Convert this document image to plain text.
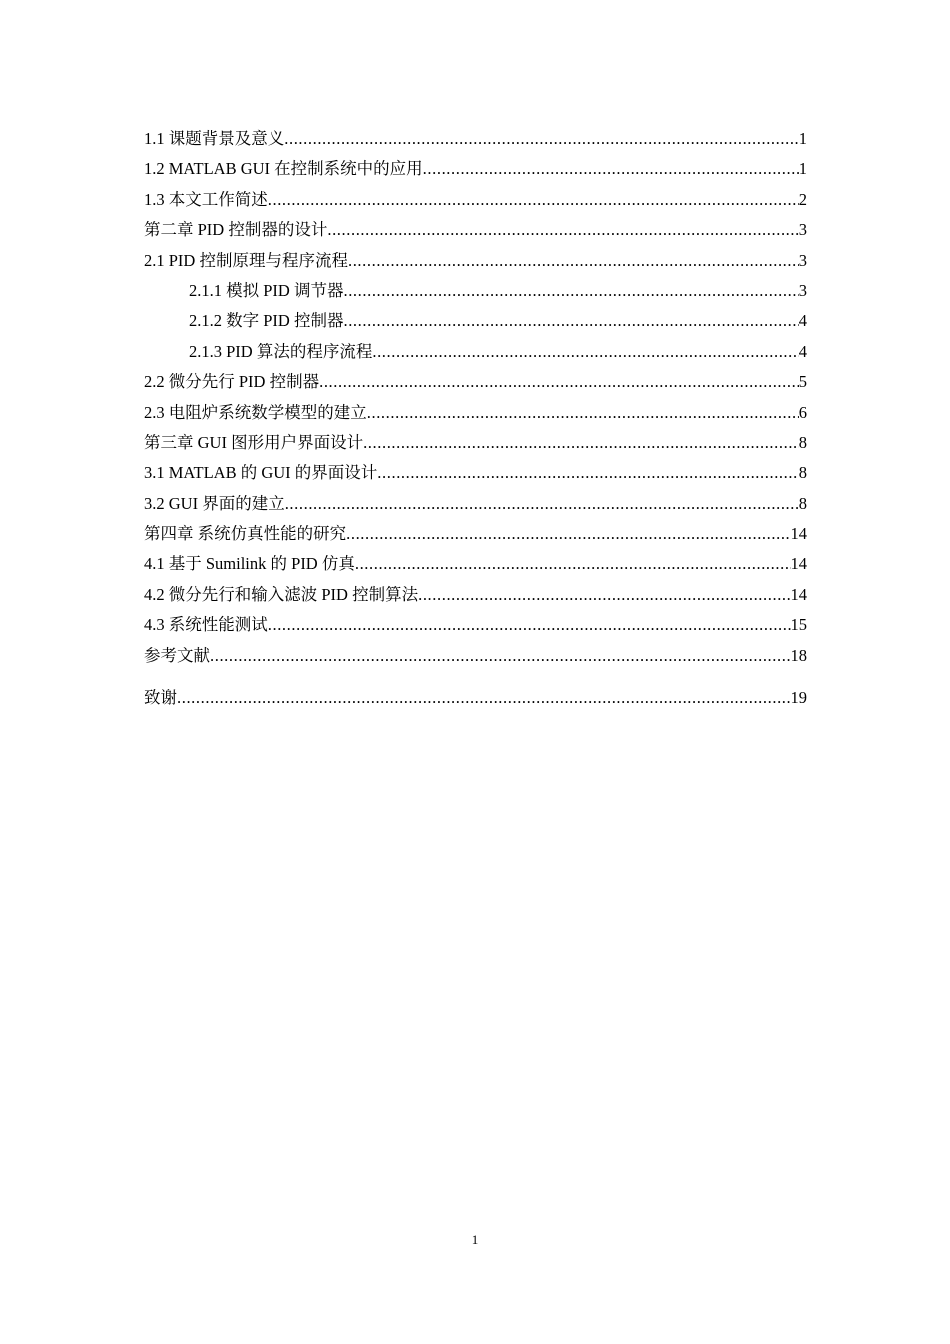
1.1 课题背景及意义 .....	1
1.2 MATLAB GUI 在控制系统中的应用 .....	1
1.3 本文工作简述 .....	2
第二章 PID 控制器的设计 .....	3
2.1 PID 控制原理与程序流程 .....	3
2.1.1 模拟 PID 调节器 .....	3
2.1.2 数字 PID 控制器 .....	4
2.1.3 PID 算法的程序流程 .....	4
2.2 微分先行 PID 控制器 .....	5
2.3 电阻炉系统数学模型的建立 .....	6
第三章 GUI 图形用户界面设计 .....	8
3.1 MATLAB 的 GUI 的界面设计 .....	8
3.2 GUI 界面的建立 .....	8
第四章 系统仿真性能的研究 .....	14
4.1 基于 Sumilink 的 PID 仿真 .....	14
4.2 微分先行和输入滤波 PID 控制算法 .....	14
4.3 系统性能测试 .....	15
参考文献 .....	18
致谢 .....	19
1
